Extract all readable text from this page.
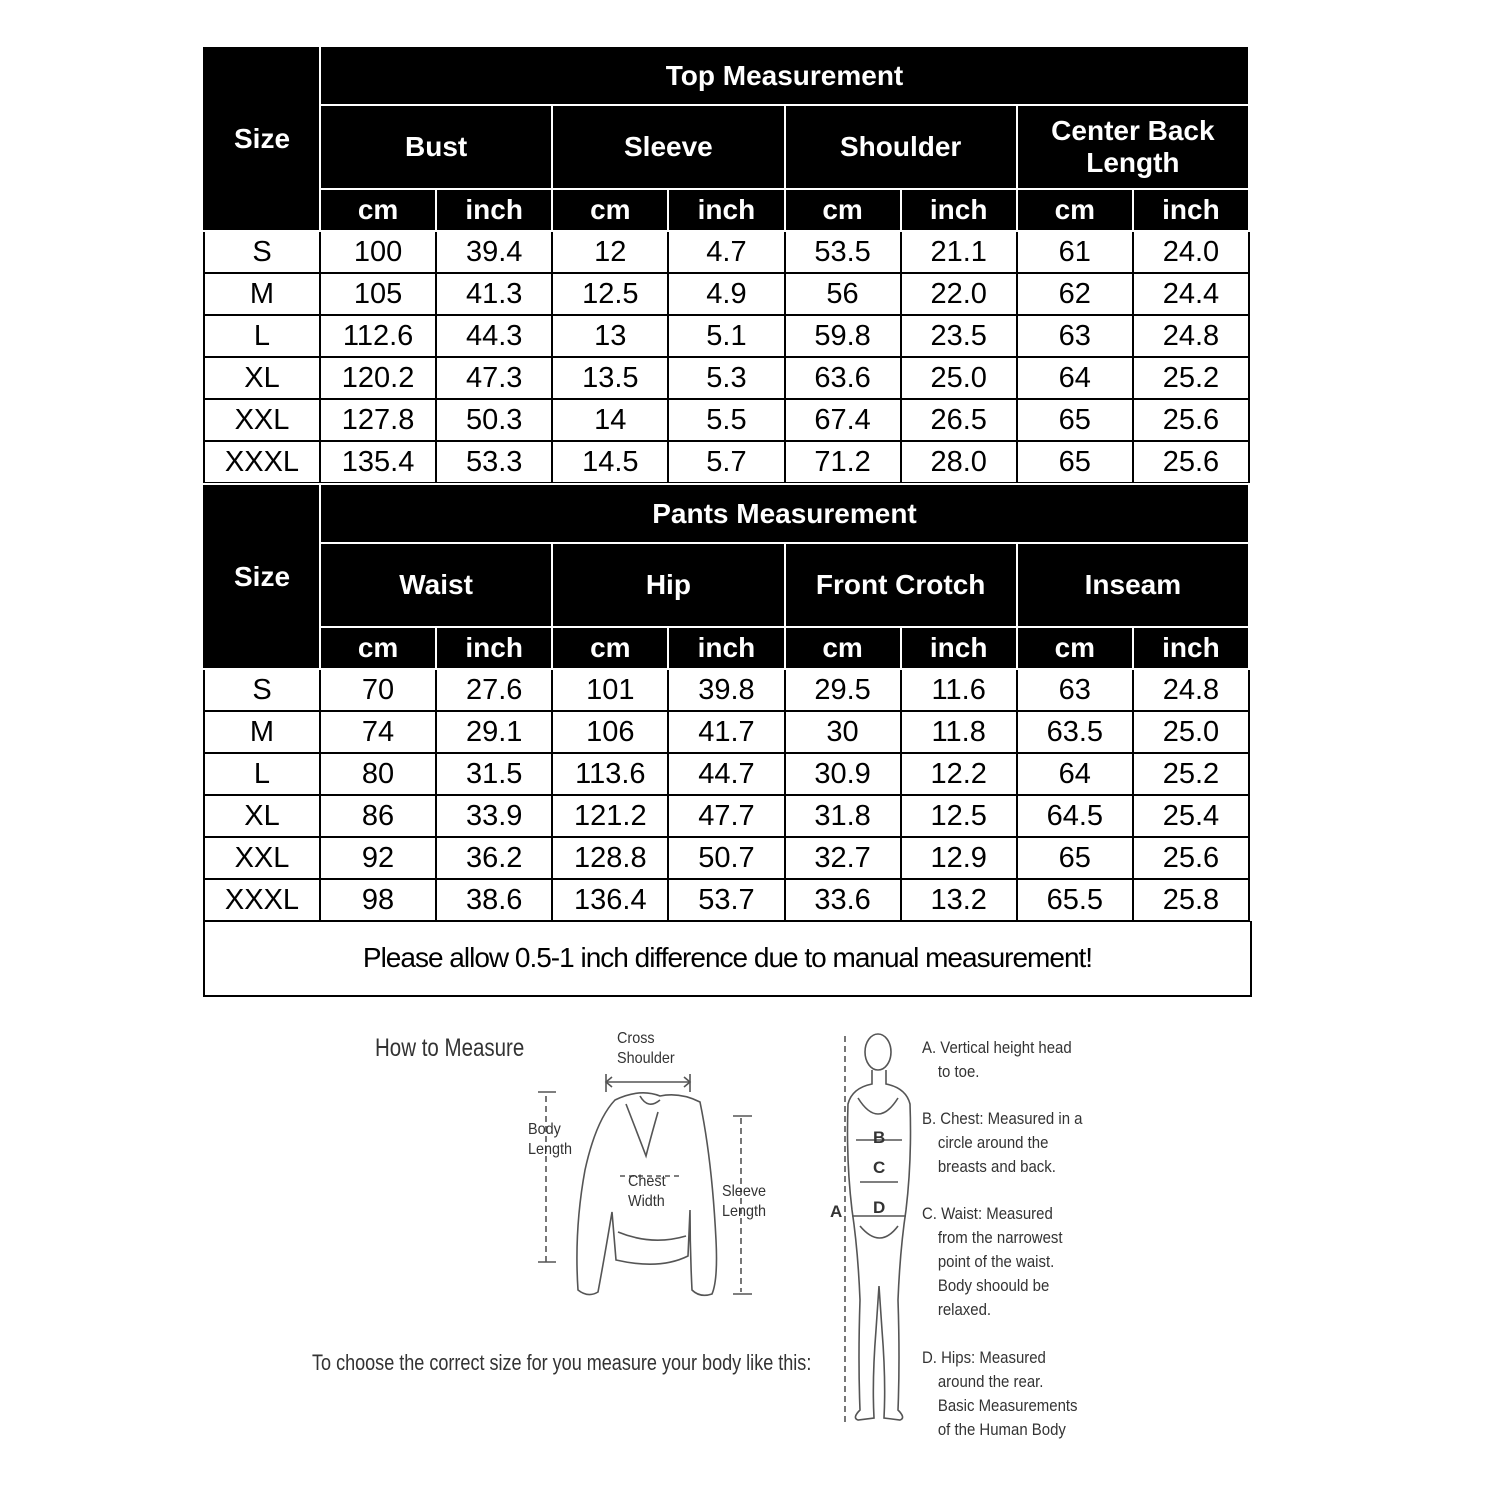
Size	Top Measurement							
	Bust		Sleeve		Shoulder		Center Back Length	
	cm	inch	cm	inch	cm	inch	cm	inch
S	100	39.4	12	4.7	53.5	21.1	61	24.0
M	105	41.3	12.5	4.9	56	22.0	62	24.4
L	112.6	44.3	13	5.1	59.8	23.5	63	24.8
XL	120.2	47.3	13.5	5.3	63.6	25.0	64	25.2
XXL	127.8	50.3	14	5.5	67.4	26.5	65	25.6
XXXL	135.4	53.3	14.5	5.7	71.2	28.0	65	25.6
Size	Pants Measurement							
	Waist		Hip		Front Crotch		Inseam	
	cm	inch	cm	inch	cm	inch	cm	inch
S	70	27.6	101	39.8	29.5	11.6	63	24.8
M	74	29.1	106	41.7	30	11.8	63.5	25.0
L	80	31.5	113.6	44.7	30.9	12.2	64	25.2
XL	86	33.9	121.2	47.7	31.8	12.5	64.5	25.4
XXL	92	36.2	128.8	50.7	32.7	12.9	65	25.6
XXXL	98	38.6	136.4	53.7	33.6	13.2	65.5	25.8
Please allow 0.5-1 inch difference due to manual measurement!
How to Measure	Cross
Shoulder
Body
Length
Chest
Width
Sleeve
Length	A
B
C
D
A. Vertical height head
to toe.
B. Chest: Measured in a
circle around the
breasts and back.
C. Waist: Measured
from the narrowest
point of the waist.
Body shoould be
relaxed.
D. Hips: Measured
around the rear.
Basic Measurements
of the Human Body
To choose the correct size for you measure your body like this:
